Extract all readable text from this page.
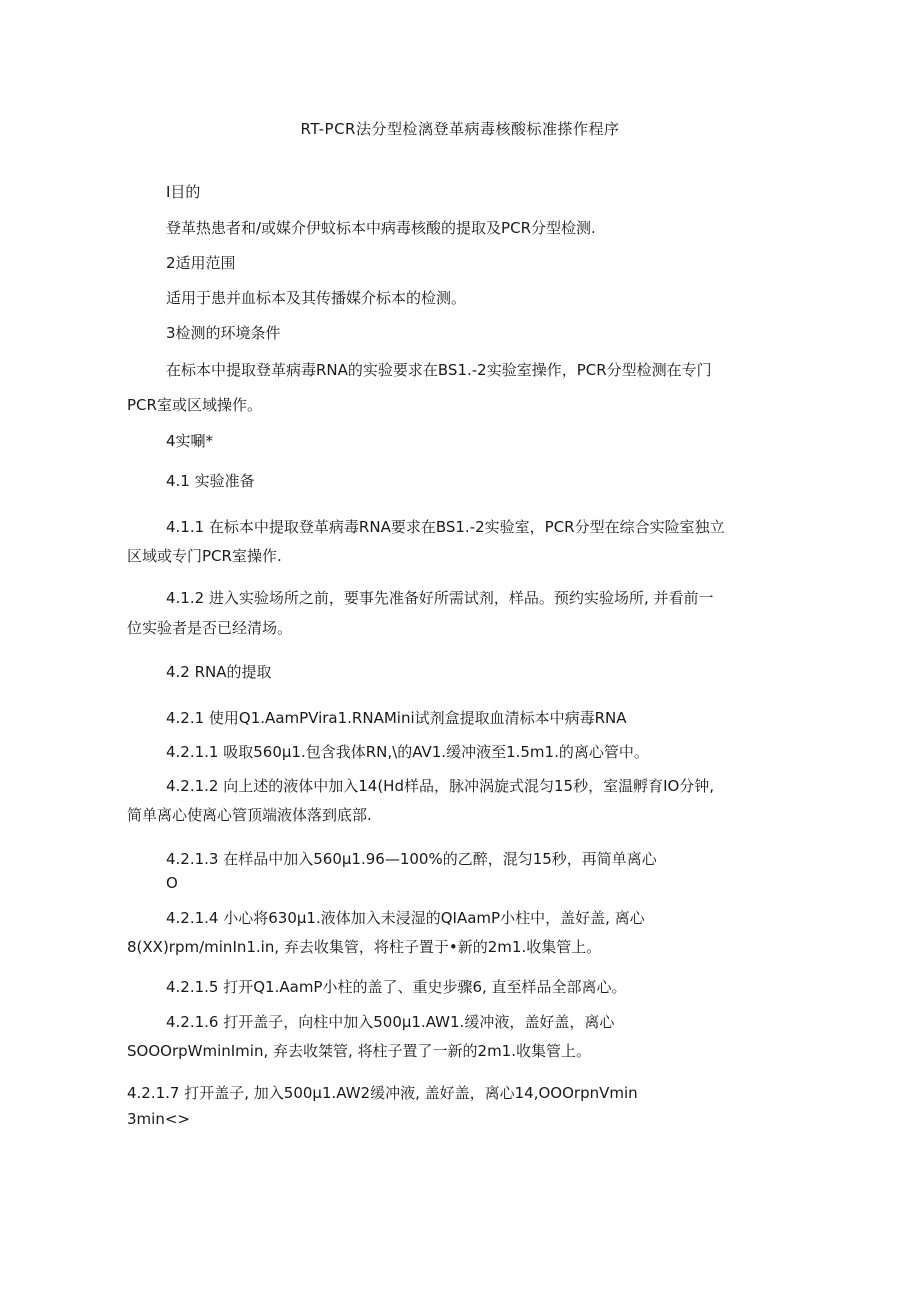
RT-PCR法分型检漓登革病毒核酸标准搽作程序
I目的
登革热患者和/或媒介伊蚊标本中病毒核酸的提取及PCR分型检测.
2适用范围
适用于患并血标本及其传播媒介标本的检测。
3检测的环境条件
在标本中提取登革病毒RNA的实验要求在BS1.-2实验室操作，PCR分型检测在专门
PCR室或区域操作。
4实唰*
4.1 实验准备
4.1.1 在标本中提取登革病毒RNA要求在BS1.-2实验室，PCR分型在综合实险室独立
区域或专门PCR室操作.
4.1.2 进入实验场所之前，要事先准备好所需试剂，样品。预约实验场所, 并看前一
位实验者是否已经清场。
4.2 RNA的提取
4.2.1 使用Q1.AamPVira1.RNAMini试剂盒提取血清标本中病毒RNA
4.2.1.1 吸取560μ1.包含我体RN,\的AV1.缓冲液至1.5m1.的离心管中。
4.2.1.2 向上述的液体中加入14(Hd样品，脉冲涡旋式混匀15秒，室温孵育IO分钟,
简单离心使离心管顶端液体落到底部.
4.2.1.3 在样品中加入560μ1.96—100%的乙醉，混匀15秒，再简单离心
O
4.2.1.4 小心将630μ1.液体加入未浸湿的QIAamP小柱中，盖好盖, 离心
8(XX)rpm∕minIn1.in, 弃去收集管，将柱子置于•新的2m1.收集管上。
4.2.1.5 打开Q1.AamP小柱的盖了、重史步骤6, 直至样品全部离心。
4.2.1.6 打开盖子，向柱中加入500μ1.AW1.缓冲液，盖好盖，离心
SOOOrpWminImin, 弃去收桀管, 将柱子置了一新的2m1.收集管上。
4.2.1.7 打开盖子, 加入500μ1.AW2缓冲液, 盖好盖，离心14,OOOrpnVmin
3min<>
